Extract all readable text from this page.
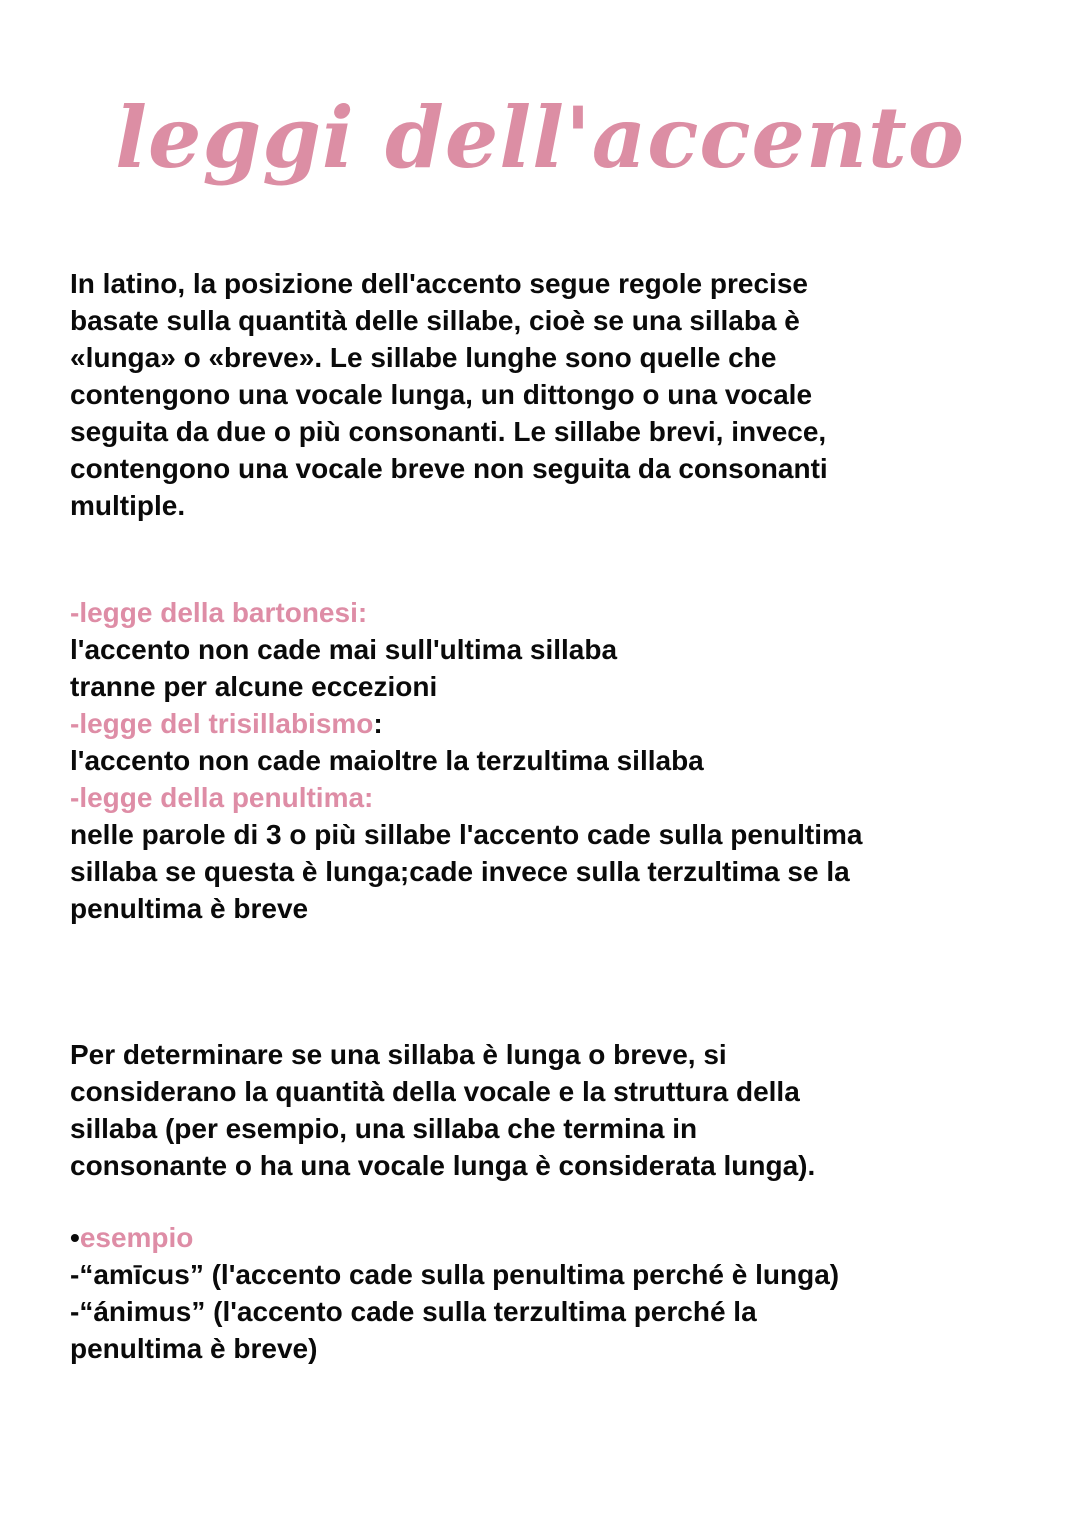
leggi dell'accento
In latino, la posizione dell'accento segue regole precise
basate sulla quantità delle sillabe, cioè se una sillaba è
«lunga» o «breve». Le sillabe lunghe sono quelle che
contengono una vocale lunga, un dittongo o una vocale
seguita da due o più consonanti. Le sillabe brevi, invece,
contengono una vocale breve non seguita da consonanti
multiple.
-legge della bartonesi:
l'accento non cade mai sull'ultima sillaba
tranne per alcune eccezioni
-legge del trisillabismo:
l'accento non cade maioltre la terzultima sillaba
-legge della penultima:
nelle parole di 3 o più sillabe l'accento cade sulla penultima
sillaba se questa è lunga;cade invece sulla terzultima se la
penultima è breve
Per determinare se una sillaba è lunga o breve, si
considerano la quantità della vocale e la struttura della
sillaba (per esempio, una sillaba che termina in
consonante o ha una vocale lunga è considerata lunga).
•esempio
-“amīcus” (l'accento cade sulla penultima perché è lunga)
-“ánimus” (l'accento cade sulla terzultima perché la
penultima è breve)
